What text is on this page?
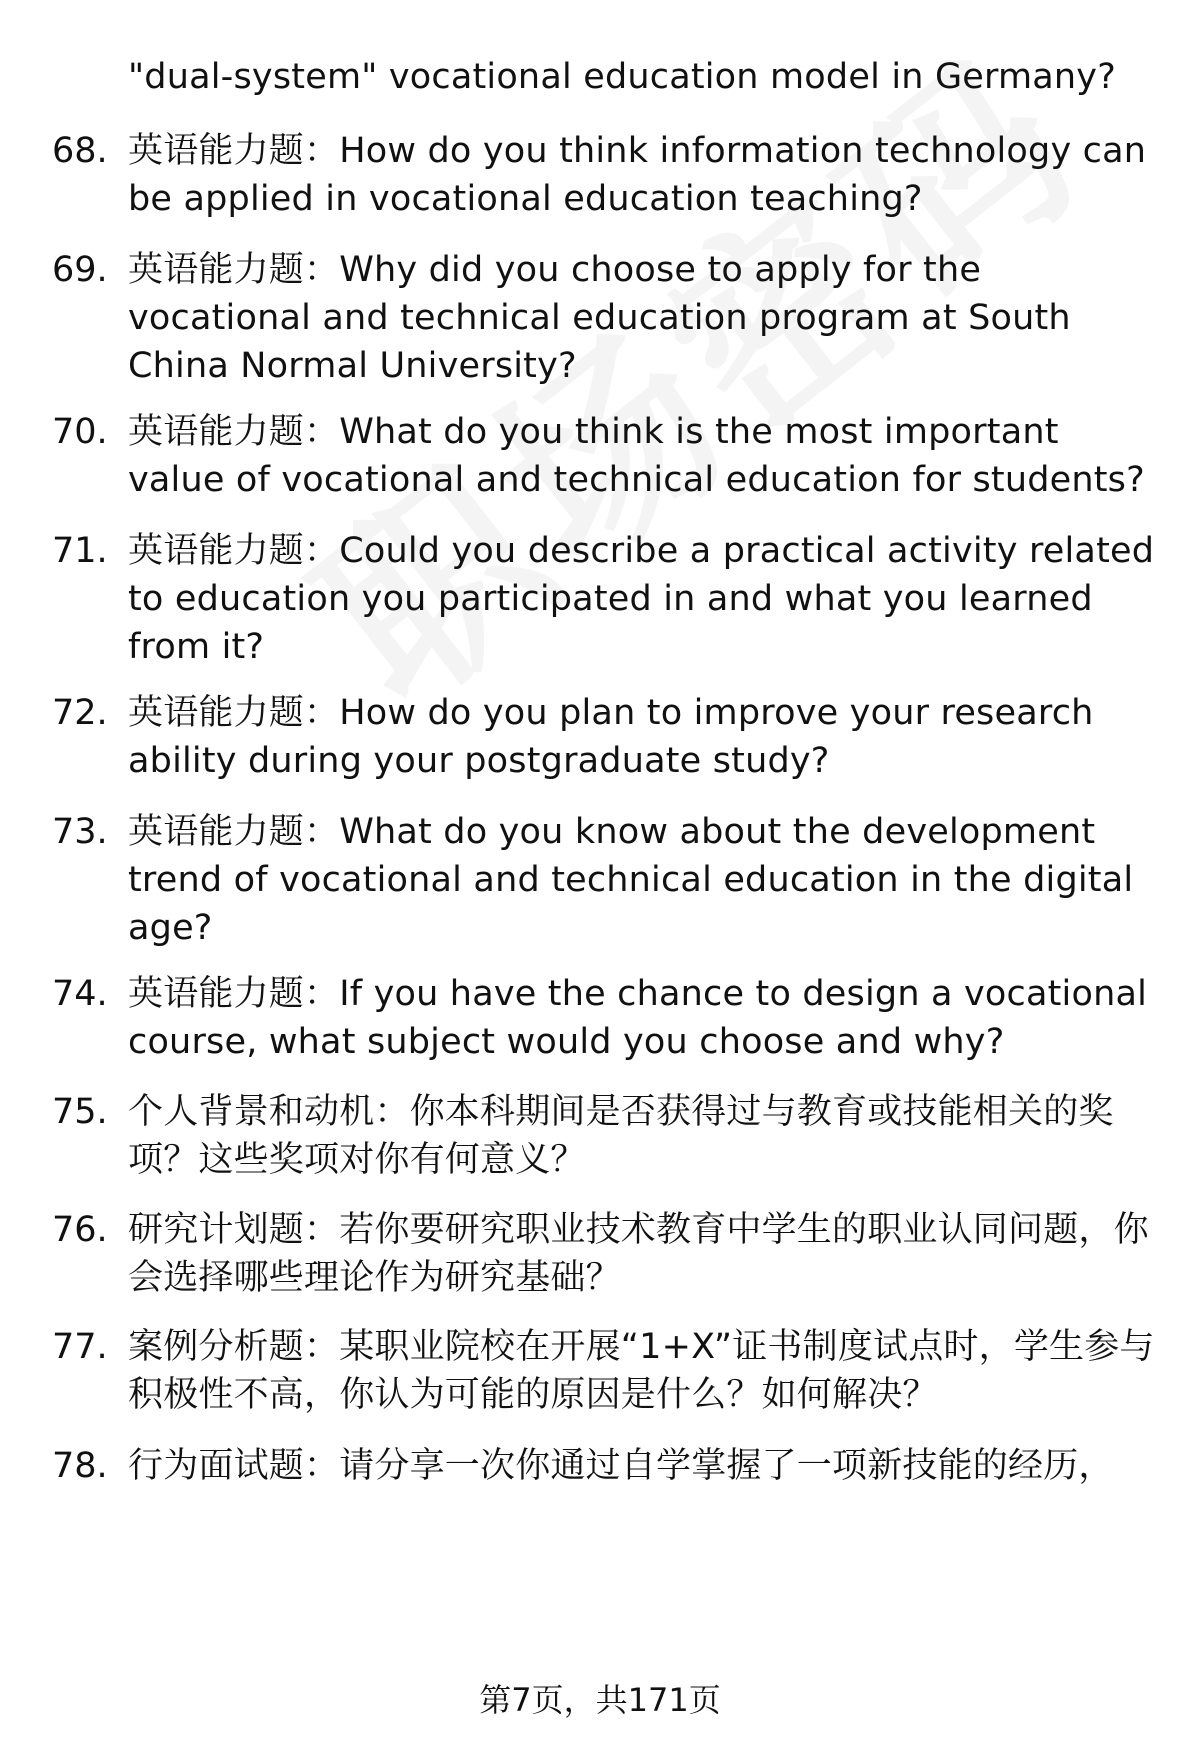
"dual-system" vocational education model in Germany?
68. 英语能力题：How do you think information technology can be applied in vocational education teaching?
69. 英语能力题：Why did you choose to apply for the vocational and technical education program at South China Normal University?
70. 英语能力题：What do you think is the most important value of vocational and technical education for students?
71. 英语能力题：Could you describe a practical activity related to education you participated in and what you learned from it?
72. 英语能力题：How do you plan to improve your research ability during your postgraduate study?
73. 英语能力题：What do you know about the development trend of vocational and technical education in the digital age?
74. 英语能力题：If you have the chance to design a vocational course, what subject would you choose and why?
75. 个人背景和动机：你本科期间是否获得过与教育或技能相关的奖项？这些奖项对你有何意义？
76. 研究计划题：若你要研究职业技术教育中学生的职业认同问题，你会选择哪些理论作为研究基础？
77. 案例分析题：某职业院校在开展“1+X”证书制度试点时，学生参与积极性不高，你认为可能的原因是什么？如何解决？
78. 行为面试题：请分享一次你通过自学掌握了一项新技能的经历，
第7页，共171页
